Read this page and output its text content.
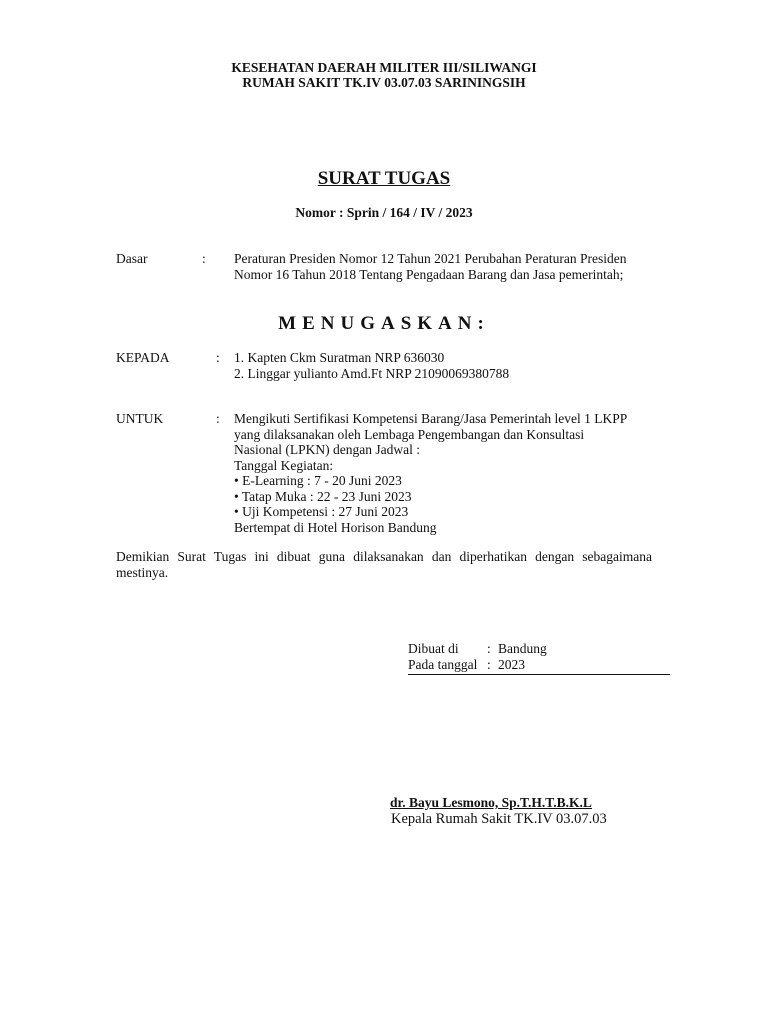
KESEHATAN DAERAH MILITER III/SILIWANGI
RUMAH SAKIT TK.IV 03.07.03 SARININGSIH
SURAT TUGAS
Nomor : Sprin / 164 / IV / 2023
Dasar	: Peraturan Presiden Nomor 12 Tahun 2021 Perubahan Peraturan Presiden
Nomor 16 Tahun 2018 Tentang Pengadaan Barang dan Jasa pemerintah;
MENUGASKAN:
KEPADA	: 1. Kapten Ckm Suratman NRP 636030
2. Linggar yulianto Amd.Ft NRP 21090069380788
UNTUK	: Mengikuti Sertifikasi Kompetensi Barang/Jasa Pemerintah level 1 LKPP
yang dilaksanakan oleh Lembaga Pengembangan dan Konsultasi
Nasional (LPKN) dengan Jadwal :
Tanggal Kegiatan:
• E-Learning : 7 - 20 Juni 2023
• Tatap Muka : 22 - 23 Juni 2023
• Uji Kompetensi : 27 Juni 2023
Bertempat di Hotel Horison Bandung
Demikian Surat Tugas ini dibuat guna dilaksanakan dan diperhatikan dengan sebagaimana mestinya.
Dibuat di : Bandung
Pada tanggal : 2023
dr. Bayu Lesmono, Sp.T.H.T.B.K.L
Kepala Rumah Sakit TK.IV 03.07.03
